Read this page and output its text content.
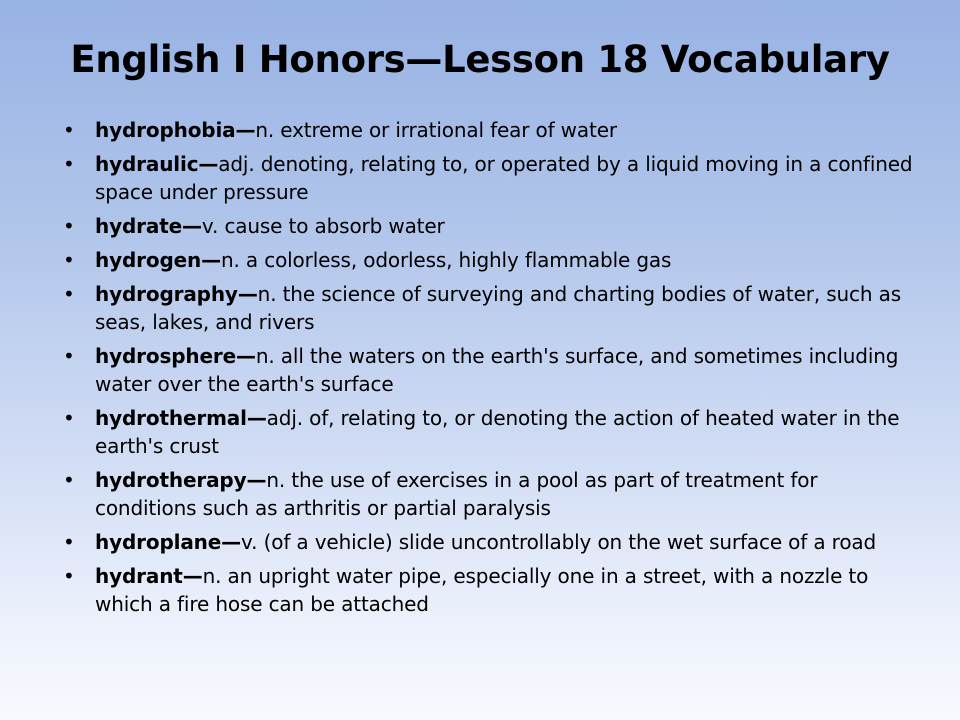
English I Honors—Lesson 18 Vocabulary
•	hydrophobia—n. extreme or irrational fear of water
•	hydraulic—adj. denoting, relating to, or operated by a liquid moving in a confined space under pressure
•	hydrate—v. cause to absorb water
•	hydrogen—n. a colorless, odorless, highly flammable gas
•	hydrography—n. the science of surveying and charting bodies of water, such as seas, lakes, and rivers
•	hydrosphere—n. all the waters on the earth's surface, and sometimes including water over the earth's surface
•	hydrothermal—adj. of, relating to, or denoting the action of heated water in the earth's crust
•	hydrotherapy—n. the use of exercises in a pool as part of treatment for conditions such as arthritis or partial paralysis
•	hydroplane—v. (of a vehicle) slide uncontrollably on the wet surface of a road
•	hydrant—n. an upright water pipe, especially one in a street, with a nozzle to which a fire hose can be attached
